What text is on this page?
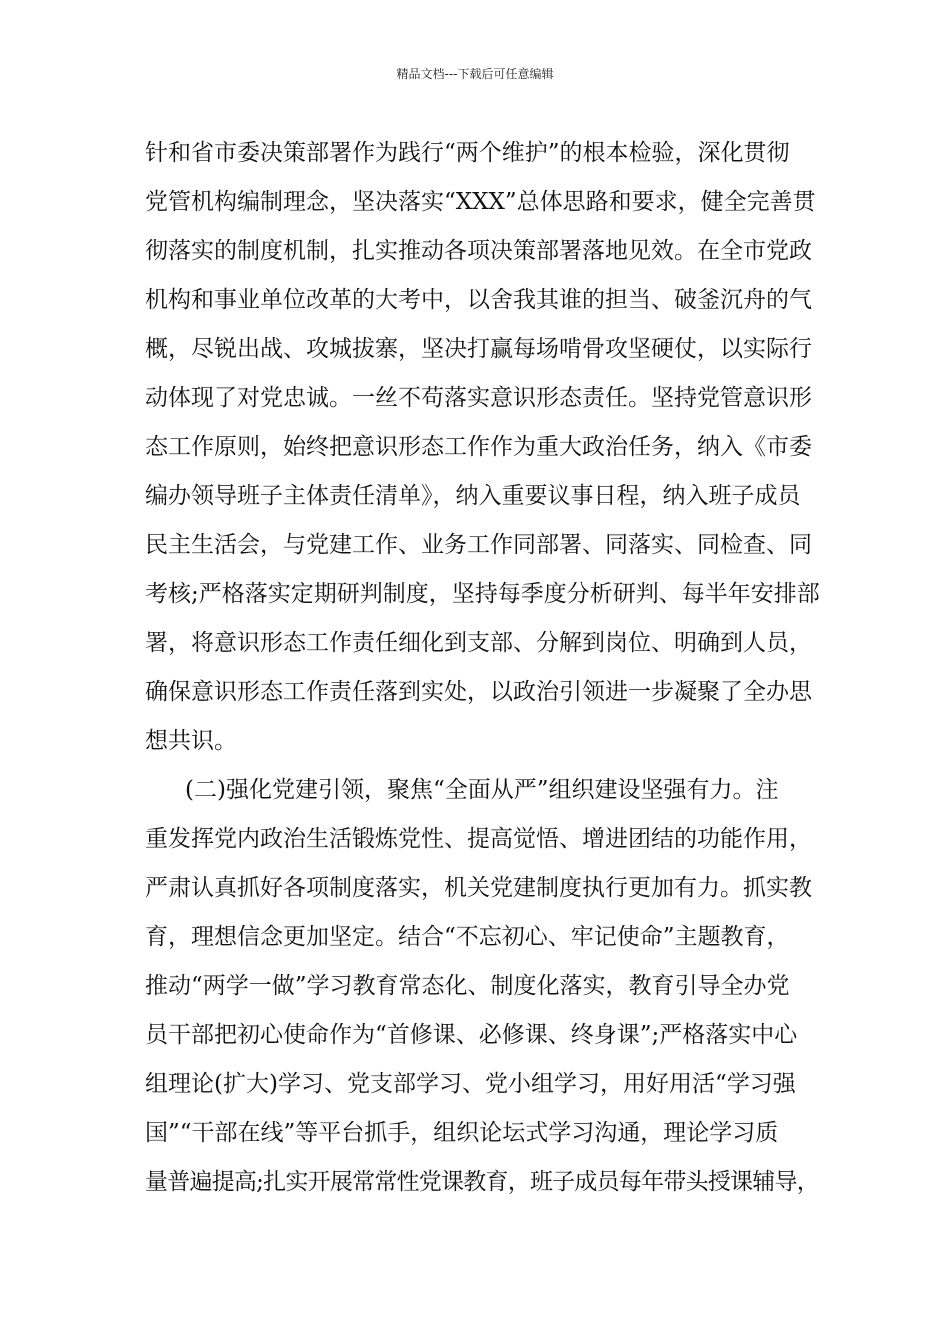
精品文档---下载后可任意编辑
针和省市委决策部署作为践行“两个维护”的根本检验，深化贯彻
党管机构编制理念，坚决落实“XXX”总体思路和要求，健全完善贯
彻落实的制度机制，扎实推动各项决策部署落地见效。在全市党政
机构和事业单位改革的大考中，以舍我其谁的担当、破釜沉舟的气
概，尽锐出战、攻城拔寨，坚决打赢每场啃骨攻坚硬仗，以实际行
动体现了对党忠诚。一丝不苟落实意识形态责任。坚持党管意识形
态工作原则，始终把意识形态工作作为重大政治任务，纳入《市委
编办领导班子主体责任清单》，纳入重要议事日程，纳入班子成员
民主生活会，与党建工作、业务工作同部署、同落实、同检查、同
考核;严格落实定期研判制度，坚持每季度分析研判、每半年安排部
署，将意识形态工作责任细化到支部、分解到岗位、明确到人员，
确保意识形态工作责任落到实处，以政治引领进一步凝聚了全办思
想共识。
(二)强化党建引领，聚焦“全面从严”组织建设坚强有力。注
重发挥党内政治生活锻炼党性、提高觉悟、增进团结的功能作用，
严肃认真抓好各项制度落实，机关党建制度执行更加有力。抓实教
育，理想信念更加坚定。结合“不忘初心、牢记使命”主题教育，
推动“两学一做”学习教育常态化、制度化落实，教育引导全办党
员干部把初心使命作为“首修课、必修课、终身课”;严格落实中心
组理论(扩大)学习、党支部学习、党小组学习，用好用活“学习强
国”“干部在线”等平台抓手，组织论坛式学习沟通，理论学习质
量普遍提高;扎实开展常常性党课教育，班子成员每年带头授课辅导，
